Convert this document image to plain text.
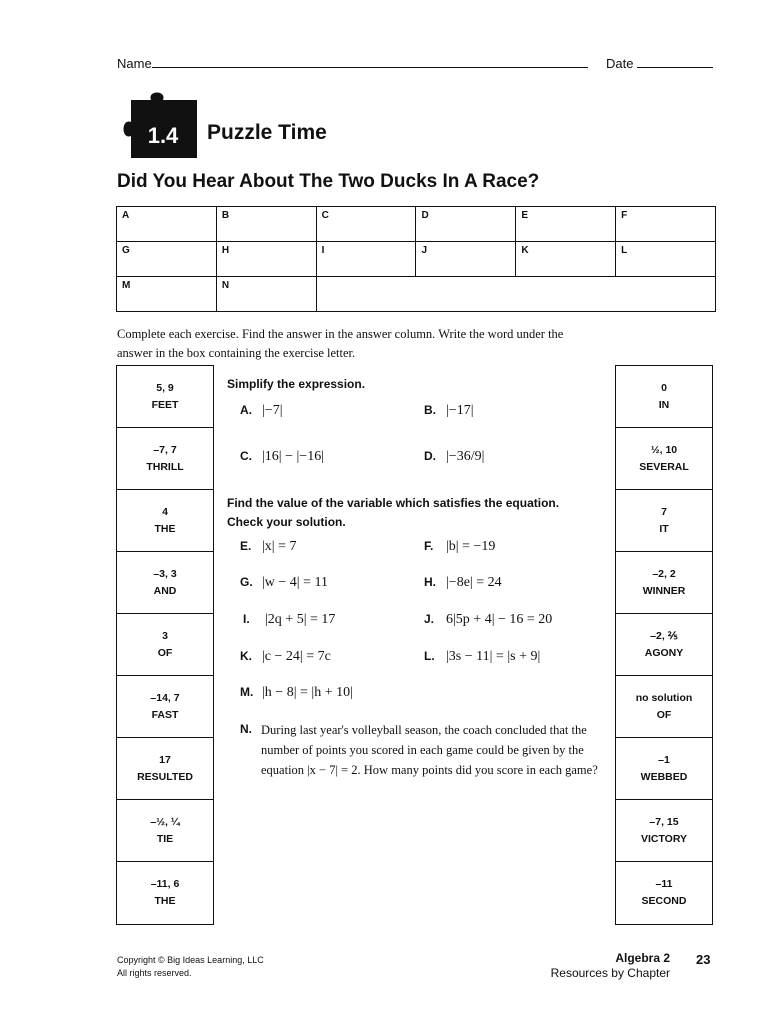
Name	Date
1.4 Puzzle Time
Did You Hear About The Two Ducks In A Race?
A	B	C	D	E	F
G	H	I	J	K	L
M	N				
Complete each exercise. Find the answer in the answer column. Write the word under the answer in the box containing the exercise letter.
5, 9
FEET
–7, 7
THRILL
4
THE
–3, 3
AND
3
OF
–14, 7
FAST
17
RESULTED
–½, ¼
TIE
–11, 6
THE
0
IN
½, 10
SEVERAL
7
IT
–2, 2
WINNER
–2, ⅖
AGONY
no solution
OF
–1
WEBBED
–7, 15
VICTORY
–11
SECOND
Simplify the expression.
A. |−7|	B. |−17|
C. |16| − |−16|	D. |−36/9|
Find the value of the variable which satisfies the equation.
Check your solution.
E. |x| = 7	F. |b| = −19
G. |w − 4| = 11	H. |−8e| = 24
I. |2q + 5| = 17	J. 6|5p + 4| − 16 = 20
K. |c − 24| = 7c	L. |3s − 11| = |s + 9|
M. |h − 8| = |h + 10|
N. During last year's volleyball season, the coach concluded that the number of points you scored in each game could be given by the equation |x − 7| = 2. How many points did you score in each game?
Copyright © Big Ideas Learning, LLC
All rights reserved.
Algebra 2
Resources by Chapter
23
